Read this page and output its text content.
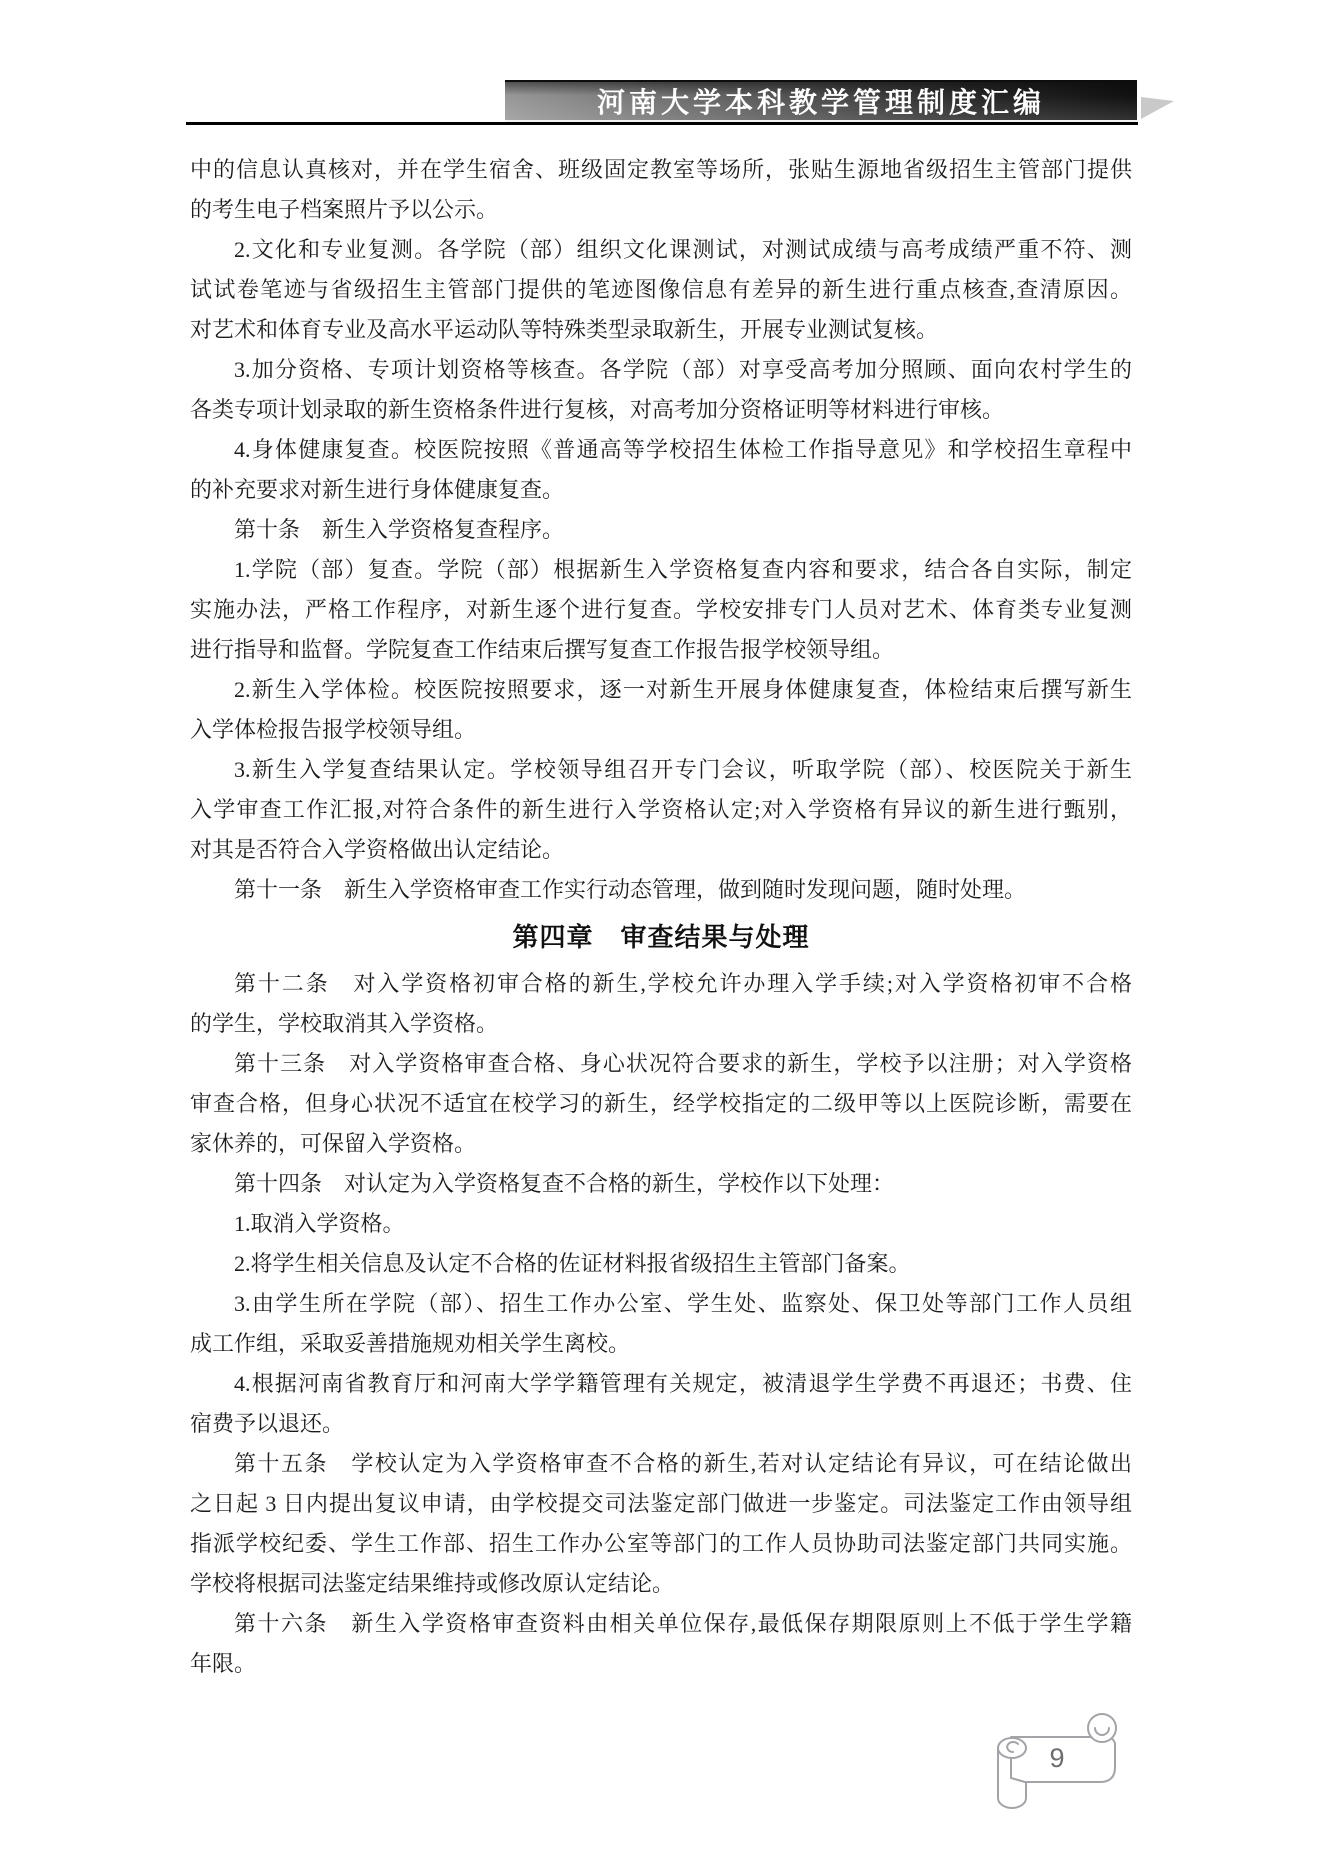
河南大学本科教学管理制度汇编
中的信息认真核对，并在学生宿舍、班级固定教室等场所，张贴生源地省级招生主管部门提供
的考生电子档案照片予以公示。
2.文化和专业复测。各学院（部）组织文化课测试，对测试成绩与高考成绩严重不符、测
试试卷笔迹与省级招生主管部门提供的笔迹图像信息有差异的新生进行重点核查,查清原因。
对艺术和体育专业及高水平运动队等特殊类型录取新生，开展专业测试复核。
3.加分资格、专项计划资格等核查。各学院（部）对享受高考加分照顾、面向农村学生的
各类专项计划录取的新生资格条件进行复核，对高考加分资格证明等材料进行审核。
4.身体健康复查。校医院按照《普通高等学校招生体检工作指导意见》和学校招生章程中
的补充要求对新生进行身体健康复查。
第十条　新生入学资格复查程序。
1.学院（部）复查。学院（部）根据新生入学资格复查内容和要求，结合各自实际，制定
实施办法，严格工作程序，对新生逐个进行复查。学校安排专门人员对艺术、体育类专业复测
进行指导和监督。学院复查工作结束后撰写复查工作报告报学校领导组。
2.新生入学体检。校医院按照要求，逐一对新生开展身体健康复查，体检结束后撰写新生
入学体检报告报学校领导组。
3.新生入学复查结果认定。学校领导组召开专门会议，听取学院（部）、校医院关于新生
入学审查工作汇报,对符合条件的新生进行入学资格认定;对入学资格有异议的新生进行甄别，
对其是否符合入学资格做出认定结论。
第十一条　新生入学资格审查工作实行动态管理，做到随时发现问题，随时处理。
第四章　审查结果与处理
第十二条　对入学资格初审合格的新生,学校允许办理入学手续;对入学资格初审不合格
的学生，学校取消其入学资格。
第十三条　对入学资格审查合格、身心状况符合要求的新生，学校予以注册；对入学资格
审查合格，但身心状况不适宜在校学习的新生，经学校指定的二级甲等以上医院诊断，需要在
家休养的，可保留入学资格。
第十四条　对认定为入学资格复查不合格的新生，学校作以下处理：
1.取消入学资格。
2.将学生相关信息及认定不合格的佐证材料报省级招生主管部门备案。
3.由学生所在学院（部）、招生工作办公室、学生处、监察处、保卫处等部门工作人员组
成工作组，采取妥善措施规劝相关学生离校。
4.根据河南省教育厅和河南大学学籍管理有关规定，被清退学生学费不再退还；书费、住
宿费予以退还。
第十五条　学校认定为入学资格审查不合格的新生,若对认定结论有异议，可在结论做出
之日起 3 日内提出复议申请，由学校提交司法鉴定部门做进一步鉴定。司法鉴定工作由领导组
指派学校纪委、学生工作部、招生工作办公室等部门的工作人员协助司法鉴定部门共同实施。
学校将根据司法鉴定结果维持或修改原认定结论。
第十六条　新生入学资格审查资料由相关单位保存,最低保存期限原则上不低于学生学籍
年限。
9
